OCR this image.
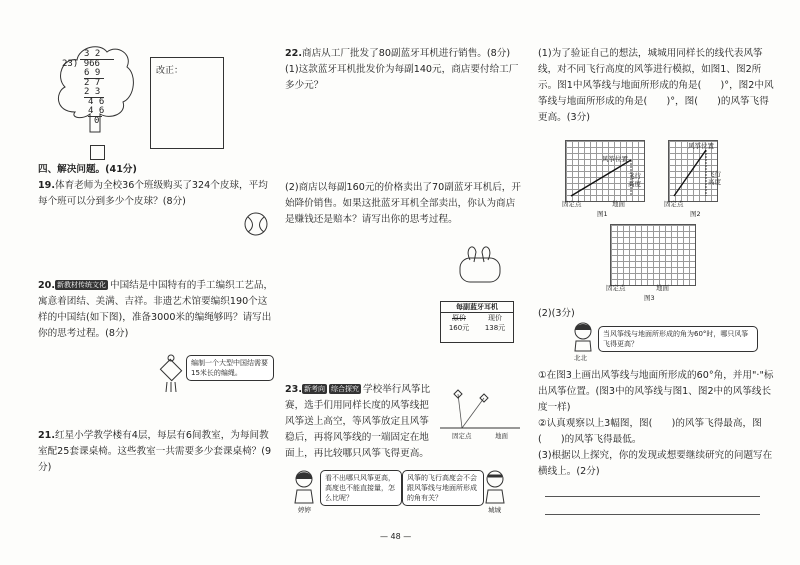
3 2
23) 966
6 9
2 7
2 3
4 6
4 6
0
改正：

四、解决问题。(41分)

19.体育老师为全校36个班级购买了324个皮球，平均每个班可以分到多少个皮球？(8分)

20. 新教材传统文化 中国结是中国特有的手工编织工艺品，寓意着团结、美满、吉祥。非遗艺术馆要编织190个这样的中国结(如下图)，准备3000米的编绳够吗？请写出你的思考过程。(8分)

编制一个大型中国结需要15米长的编绳。

21.红星小学教学楼有4层，每层有6间教室，为每间教室配25套课桌椅。这些教室一共需要多少套课桌椅？(9分)

22.商店从工厂批发了80副蓝牙耳机进行销售。(8分)

(1)这款蓝牙耳机批发价为每副140元，商店要付给工厂多少元？

(2)商店以每副160元的价格卖出了70副蓝牙耳机后，开始降价销售。如果这批蓝牙耳机全部卖出，你认为商店是赚钱还是赔本？请写出你的思考过程。

每副蓝牙耳机
原价	现价
160元 138元

23. 新考向 综合探究 学校举行风筝比赛，选手们用同样长度的风筝线把风筝送上高空，等风筝放定且风筝稳后，再将风筝线的一端固定在地面上，再比较哪只风筝飞得更高。

固定点	地面
看不出哪只风筝更高，高度也不能直接量，怎么比呢？
风筝的飞行高度会不会跟风筝线与地面所形成的角有关？
婷婷	城城

(1)为了验证自己的想法，城城用同样长的线代表风筝线，对不同飞行高度的风筝进行模拟，如图1、图2所示。图1中风筝线与地面所形成的角是(　　)°，图2中风筝线与地面所形成的角是(　　)°，图(　　)的风筝飞得更高。(3分)

风筝位置
飞行高度
固定点	地面
图1
风筝位置
飞行高度
固定点
图2
固定点	地面
图3

(2)(3分)

北北
当风筝线与地面所形成的角为60°时，哪只风筝飞得更高？

①在图3上画出风筝线与地面所形成的60°角，并用"·"标出风筝位置。(图3中的风筝线与图1、图2中的风筝线长度一样)

②认真观察以上3幅图，图(　　)的风筝飞得最高，图(　　)的风筝飞得最低。

(3)根据以上探究，你的发现或想要继续研究的问题写在横线上。(2分)

— 48 —
